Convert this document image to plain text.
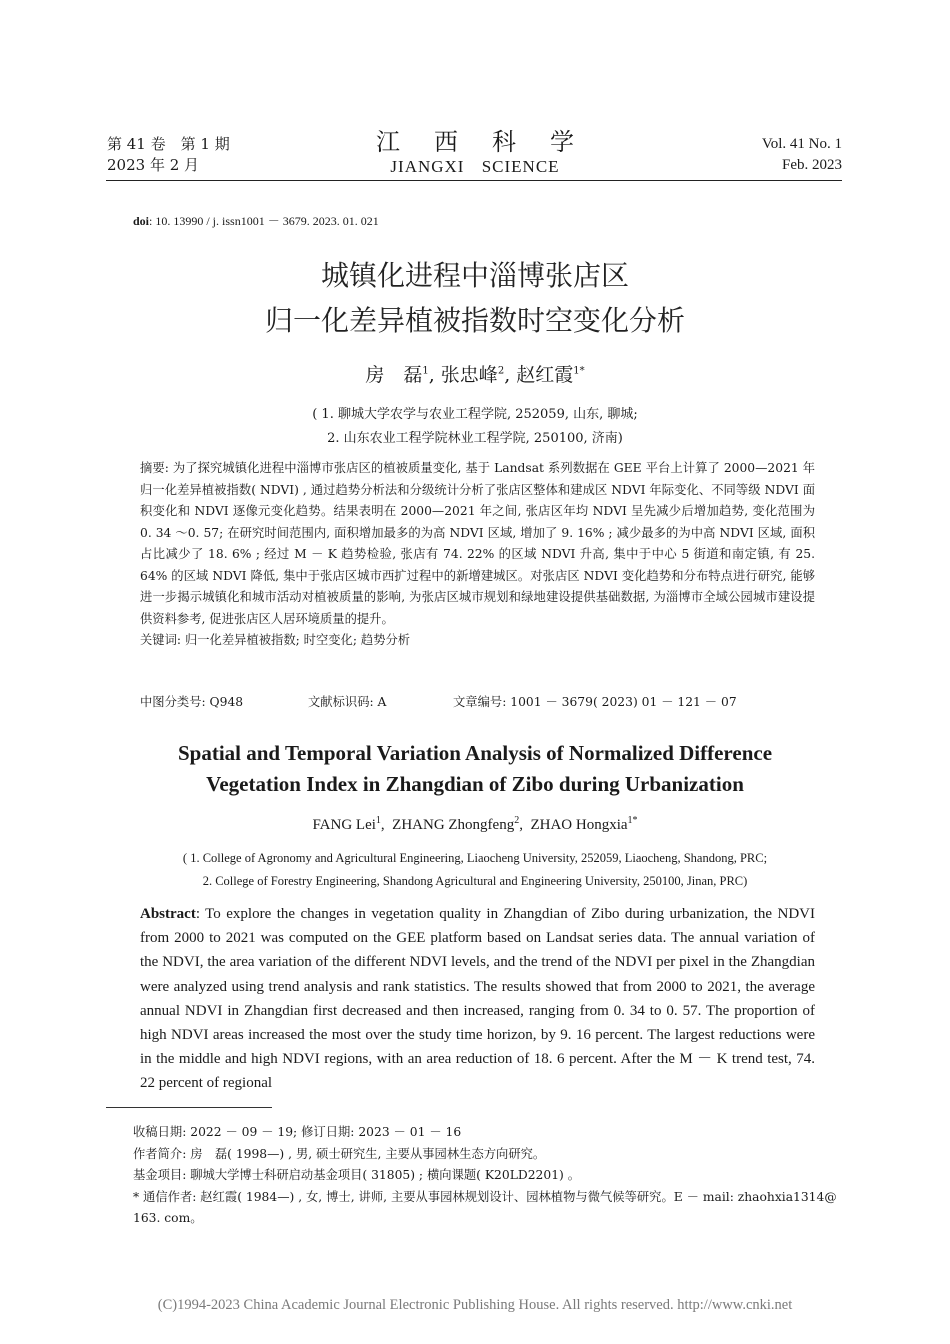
第 41 卷　第 1 期
2023 年 2 月
江西科学
JIANGXI SCIENCE
Vol. 41 No. 1
Feb. 2023
doi: 10. 13990 / j. issn1001 － 3679. 2023. 01. 021
城镇化进程中淄博张店区
归一化差异植被指数时空变化分析
房　磊$^1$, 张忠峰$^2$, 赵红霞$^{1*}$
( 1. 聊城大学农学与农业工程学院, 252059, 山东, 聊城;
2. 山东农业工程学院林业工程学院, 250100, 济南)

摘要: 为了探究城镇化进程中淄博市张店区的植被质量变化, 基于 Landsat 系列数据在 GEE 平台上计算了 2000—2021 年归一化差异植被指数( NDVI) , 通过趋势分析法和分级统计分析了张店区整体和建成区 NDVI 年际变化、不同等级 NDVI 面积变化和 NDVI 逐像元变化趋势。结果表明在 2000—2021 年之间, 张店区年均 NDVI 呈先减少后增加趋势, 变化范围为 0. 34 ～0. 57; 在研究时间范围内, 面积增加最多的为高 NDVI 区域, 增加了 9. 16% ; 减少最多的为中高 NDVI 区域, 面积占比减少了 18. 6% ; 经过 M － K 趋势检验, 张店有 74. 22% 的区域 NDVI 升高, 集中于中心 5 街道和南定镇, 有 25. 64% 的区域 NDVI 降低, 集中于张店区城市西扩过程中的新增建城区。对张店区 NDVI 变化趋势和分布特点进行研究, 能够进一步揭示城镇化和城市活动对植被质量的影响, 为张店区城市规划和绿地建设提供基础数据, 为淄博市全域公园城市建设提供资料参考, 促进张店区人居环境质量的提升。

关键词: 归一化差异植被指数; 时空变化; 趋势分析

中图分类号: Q948	文献标识码: A	文章编号: 1001 － 3679( 2023) 01 － 121 － 07
Spatial and Temporal Variation Analysis of Normalized Difference
Vegetation Index in Zhangdian of Zibo during Urbanization
FANG Lei$^1$,  ZHANG Zhongfeng$^2$,  ZHAO Hongxia$^{1*}$
( 1. College of Agronomy and Agricultural Engineering, Liaocheng University, 252059, Liaocheng, Shandong, PRC;
2. College of Forestry Engineering, Shandong Agricultural and Engineering University, 250100, Jinan, PRC)
Abstract: To explore the changes in vegetation quality in Zhangdian of Zibo during urbanization, the NDVI from 2000 to 2021 was computed on the GEE platform based on Landsat series data. The annual variation of the NDVI, the area variation of the different NDVI levels, and the trend of the NDVI per pixel in the Zhangdian were analyzed using trend analysis and rank statistics. The results showed that from 2000 to 2021, the average annual NDVI in Zhangdian first decreased and then increased, ranging from 0. 34 to 0. 57. The proportion of high NDVI areas increased the most over the study time horizon, by 9. 16 percent. The largest reductions were in the middle and high NDVI regions, with an area reduction of 18. 6 percent. After the M － K trend test, 74. 22 percent of regional

收稿日期: 2022 － 09 － 19; 修订日期: 2023 － 01 － 16

作者简介: 房　磊( 1998—) , 男, 硕士研究生, 主要从事园林生态方向研究。

基金项目: 聊城大学博士科研启动基金项目( 31805) ; 横向课题( K20LD2201) 。

* 通信作者: 赵红霞( 1984—) , 女, 博士, 讲师, 主要从事园林规划设计、园林植物与微气候等研究。E － mail: zhaohxia1314@ 163. com。

(C)1994-2023 China Academic Journal Electronic Publishing House. All rights reserved. http://www.cnki.net
